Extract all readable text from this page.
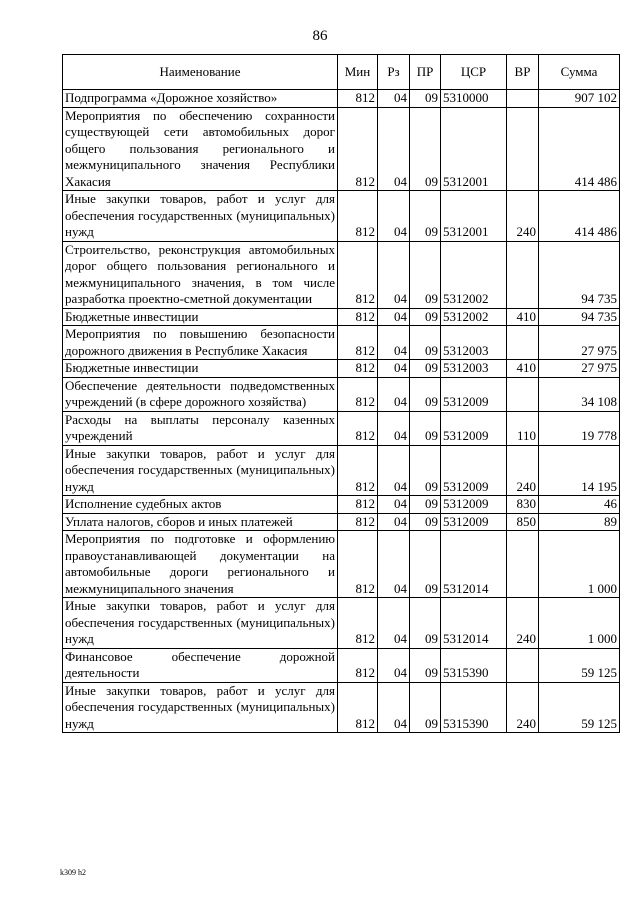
86
Наименование	Мин	Рз	ПР	ЦСР	ВР	Сумма
Подпрограмма «Дорожное хозяйство»	812	04	09	5310000		907 102
Мероприятия по обеспечению сохранности существующей сети автомобильных дорог общего пользования регионального и межмуниципального значения Республики Хакасия	812	04	09	5312001		414 486
Иные закупки товаров, работ и услуг для обеспечения государственных (муниципальных) нужд	812	04	09	5312001	240	414 486
Строительство, реконструкция автомобильных дорог общего пользования регионального и межмуниципального значения, в том числе разработка проектно-сметной документации	812	04	09	5312002		94 735
Бюджетные инвестиции	812	04	09	5312002	410	94 735
Мероприятия по повышению безопасности дорожного движения в Республике Хакасия	812	04	09	5312003		27 975
Бюджетные инвестиции	812	04	09	5312003	410	27 975
Обеспечение деятельности подведомственных учреждений (в сфере дорожного хозяйства)	812	04	09	5312009		34 108
Расходы на выплаты персоналу казенных учреждений	812	04	09	5312009	110	19 778
Иные закупки товаров, работ и услуг для обеспечения государственных (муниципальных) нужд	812	04	09	5312009	240	14 195
Исполнение судебных актов	812	04	09	5312009	830	46
Уплата налогов, сборов и иных платежей	812	04	09	5312009	850	89
Мероприятия по подготовке и оформлению правоустанавливающей документации на автомобильные дороги регионального и межмуниципального значения	812	04	09	5312014		1 000
Иные закупки товаров, работ и услуг для обеспечения государственных (муниципальных) нужд	812	04	09	5312014	240	1 000
Финансовое обеспечение дорожной деятельности	812	04	09	5315390		59 125
Иные закупки товаров, работ и услуг для обеспечения государственных (муниципальных) нужд	812	04	09	5315390	240	59 125
k309 h2
